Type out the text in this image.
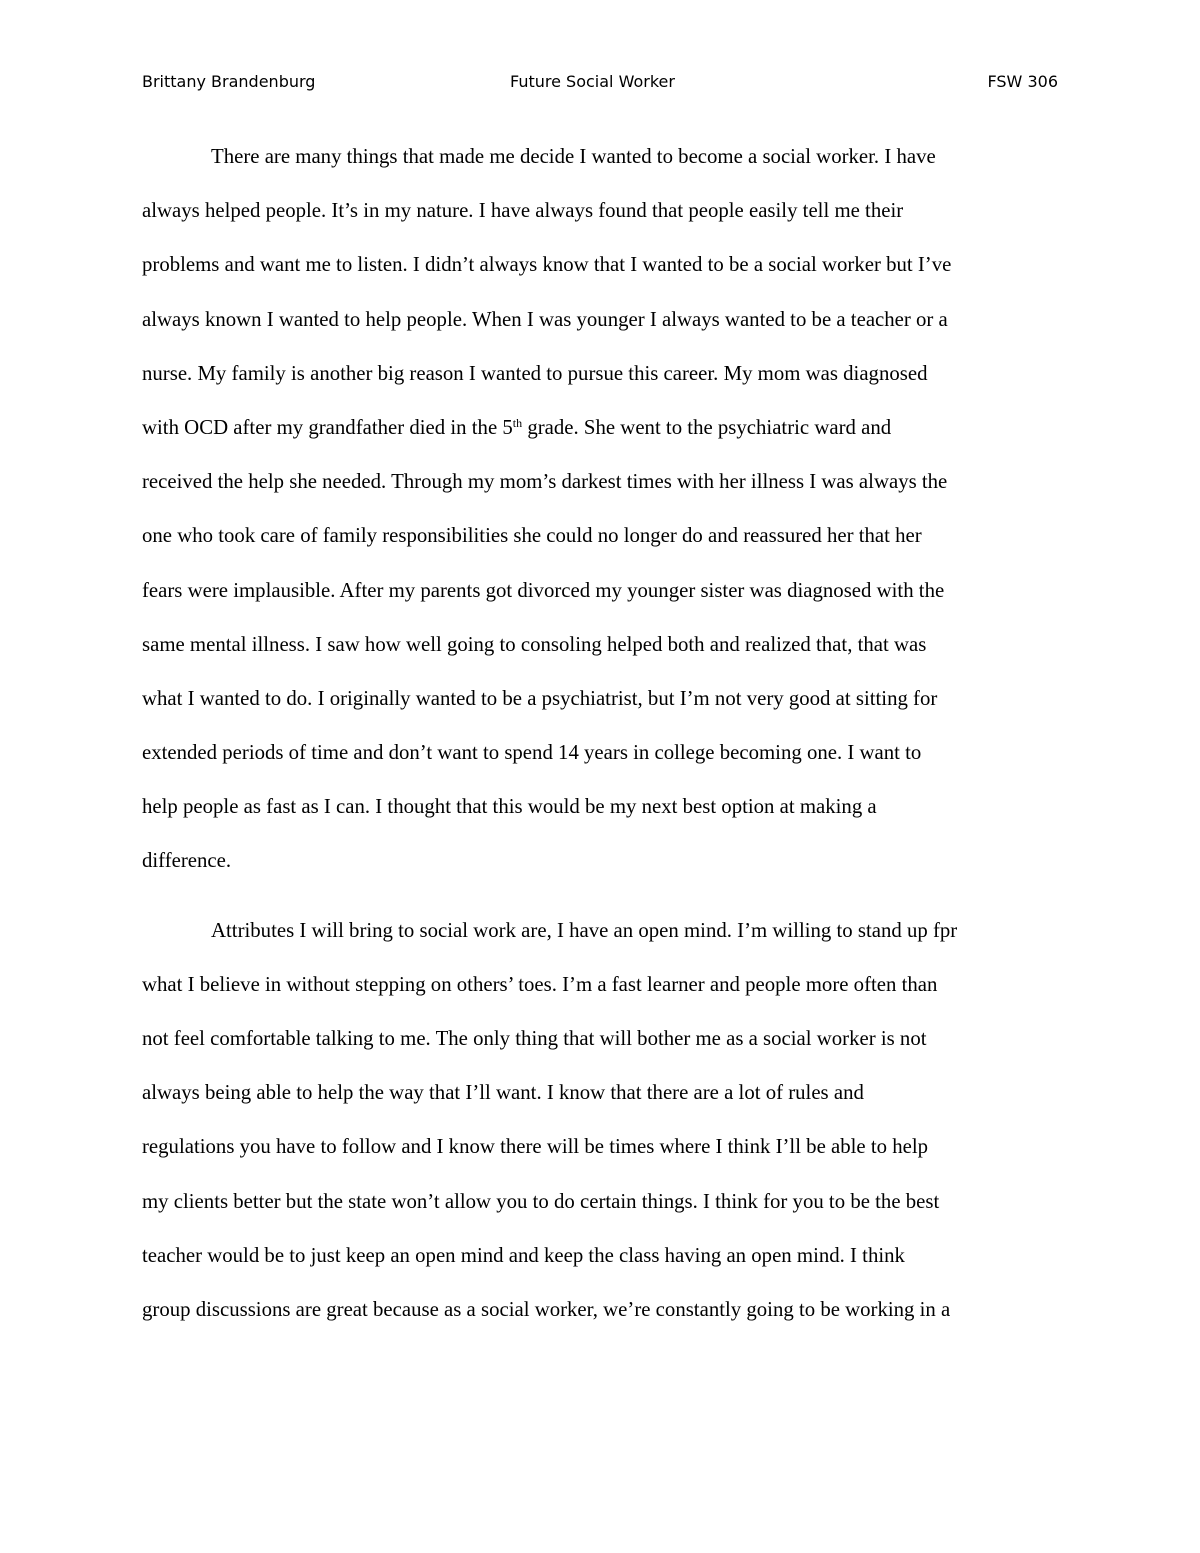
Brittany Brandenburg	Future Social Worker	FSW 306
There are many things that made me decide I wanted to become a social worker. I have
always helped people. It’s in my nature. I have always found that people easily tell me their
problems and want me to listen. I didn’t always know that I wanted to be a social worker but I’ve
always known I wanted to help people. When I was younger I always wanted to be a teacher or a
nurse. My family is another big reason I wanted to pursue this career. My mom was diagnosed
with OCD after my grandfather died in the 5th grade. She went to the psychiatric ward and
received the help she needed. Through my mom’s darkest times with her illness I was always the
one who took care of family responsibilities she could no longer do and reassured her that her
fears were implausible. After my parents got divorced my younger sister was diagnosed with the
same mental illness. I saw how well going to consoling helped both and realized that, that was
what I wanted to do. I originally wanted to be a psychiatrist, but I’m not very good at sitting for
extended periods of time and don’t want to spend 14 years in college becoming one. I want to
help people as fast as I can. I thought that this would be my next best option at making a
difference.
Attributes I will bring to social work are, I have an open mind. I’m willing to stand up fpr
what I believe in without stepping on others’ toes. I’m a fast learner and people more often than
not feel comfortable talking to me. The only thing that will bother me as a social worker is not
always being able to help the way that I’ll want. I know that there are a lot of rules and
regulations you have to follow and I know there will be times where I think I’ll be able to help
my clients better but the state won’t allow you to do certain things. I think for you to be the best
teacher would be to just keep an open mind and keep the class having an open mind. I think
group discussions are great because as a social worker, we’re constantly going to be working in a
